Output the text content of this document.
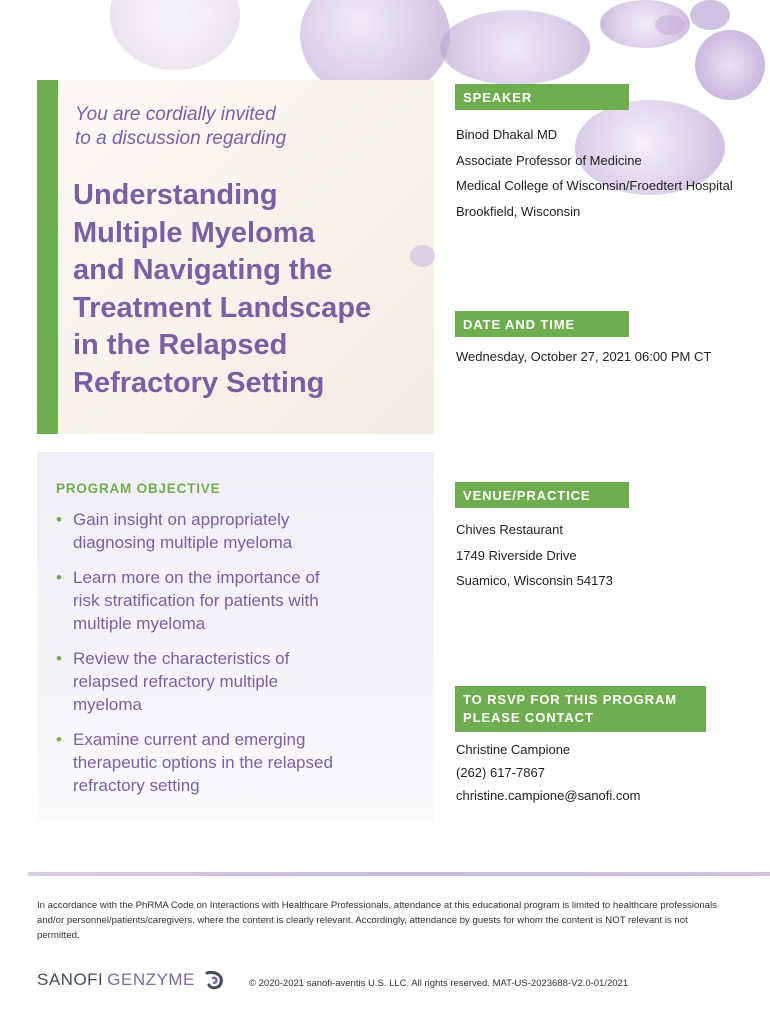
You are cordially invited
to a discussion regarding
Understanding
Multiple Myeloma
and Navigating the
Treatment Landscape
in the Relapsed
Refractory Setting
PROGRAM OBJECTIVE
• Gain insight on appropriately
diagnosing multiple myeloma
• Learn more on the importance of
risk stratification for patients with
multiple myeloma
• Review the characteristics of
relapsed refractory multiple
myeloma
• Examine current and emerging
therapeutic options in the relapsed
refractory setting
SPEAKER
Binod Dhakal MD
Associate Professor of Medicine
Medical College of Wisconsin/Froedtert Hospital
Brookfield, Wisconsin
DATE AND TIME
Wednesday, October 27, 2021 06:00 PM CT
VENUE/PRACTICE
Chives Restaurant
1749 Riverside Drive
Suamico, Wisconsin 54173
TO RSVP FOR THIS PROGRAM
PLEASE CONTACT
Christine Campione
(262) 617-7867
christine.campione@sanofi.com
In accordance with the PhRMA Code on Interactions with Healthcare Professionals, attendance at this educational program is limited to healthcare professionals and/or personnel/patients/caregivers, where the content is clearly relevant. Accordingly, attendance by guests for whom the content is NOT relevant is not permitted.
SANOFI GENZYME	© 2020-2021 sanofi-aventis U.S. LLC. All rights reserved. MAT-US-2023688-V2.0-01/2021
